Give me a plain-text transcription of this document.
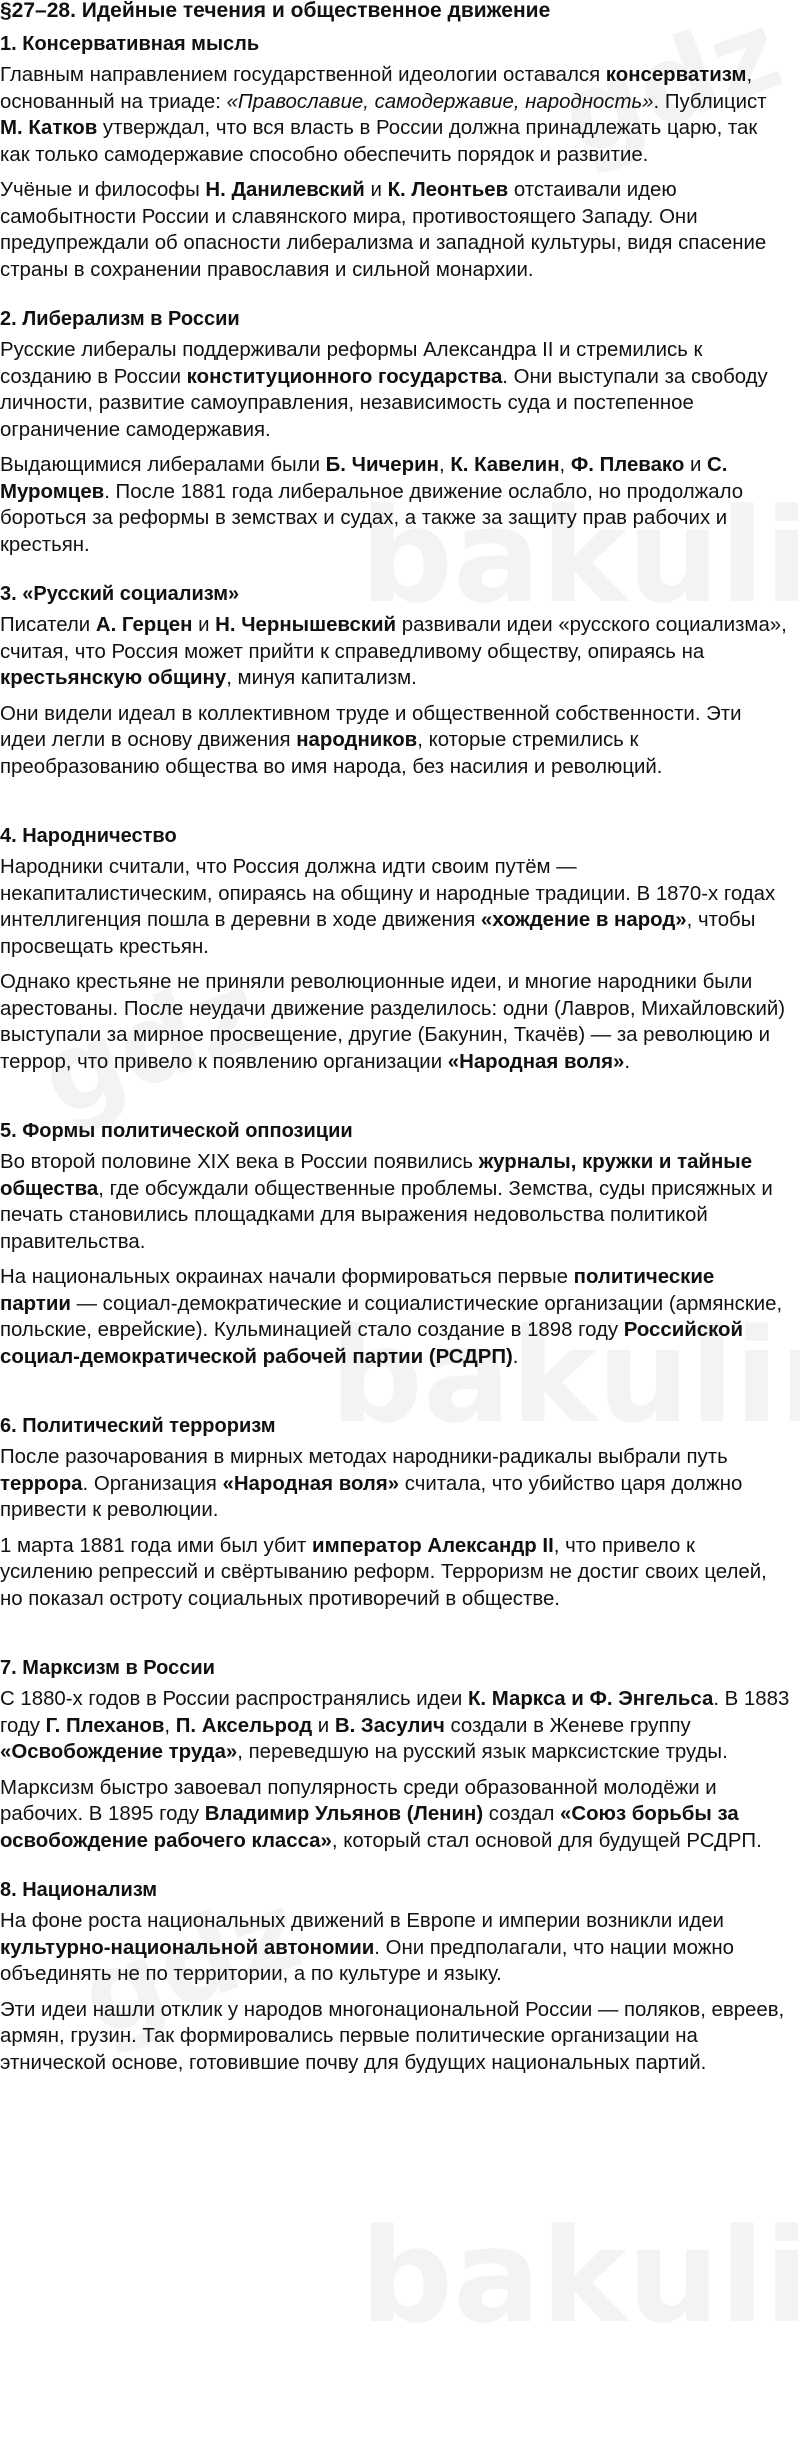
§27–28. Идейные течения и общественное движение
1. Консервативная мысль

Главным направлением государственной идеологии оставался консерватизм, основанный на триаде: «Православие, самодержавие, народность». Публицист М. Катков утверждал, что вся власть в России должна принадлежать царю, так как только самодержавие способно обеспечить порядок и развитие.

Учёные и философы Н. Данилевский и К. Леонтьев отстаивали идею самобытности России и славянского мира, противостоящего Западу. Они предупреждали об опасности либерализма и западной культуры, видя спасение страны в сохранении православия и сильной монархии.

2. Либерализм в России

Русские либералы поддерживали реформы Александра II и стремились к созданию в России конституционного государства. Они выступали за свободу личности, развитие самоуправления, независимость суда и постепенное ограничение самодержавия.

Выдающимися либералами были Б. Чичерин, К. Кавелин, Ф. Плевако и С. Муромцев. После 1881 года либеральное движение ослабло, но продолжало бороться за реформы в земствах и судах, а также за защиту прав рабочих и крестьян.

3. «Русский социализм»

Писатели А. Герцен и Н. Чернышевский развивали идеи «русского социализма», считая, что Россия может прийти к справедливому обществу, опираясь на крестьянскую общину, минуя капитализм.

Они видели идеал в коллективном труде и общественной собственности. Эти идеи легли в основу движения народников, которые стремились к преобразованию общества во имя народа, без насилия и революций.

4. Народничество

Народники считали, что Россия должна идти своим путём — некапиталистическим, опираясь на общину и народные традиции. В 1870-х годах интеллигенция пошла в деревни в ходе движения «хождение в народ», чтобы просвещать крестьян.

Однако крестьяне не приняли революционные идеи, и многие народники были арестованы. После неудачи движение разделилось: одни (Лавров, Михайловский) выступали за мирное просвещение, другие (Бакунин, Ткачёв) — за революцию и террор, что привело к появлению организации «Народная воля».

5. Формы политической оппозиции

Во второй половине XIX века в России появились журналы, кружки и тайные общества, где обсуждали общественные проблемы. Земства, суды присяжных и печать становились площадками для выражения недовольства политикой правительства.

На национальных окраинах начали формироваться первые политические партии — социал-демократические и социалистические организации (армянские, польские, еврейские). Кульминацией стало создание в 1898 году Российской социал-демократической рабочей партии (РСДРП).

6. Политический терроризм

После разочарования в мирных методах народники-радикалы выбрали путь террора. Организация «Народная воля» считала, что убийство царя должно привести к революции.

1 марта 1881 года ими был убит император Александр II, что привело к усилению репрессий и свёртыванию реформ. Терроризм не достиг своих целей, но показал остроту социальных противоречий в обществе.

7. Марксизм в России

С 1880-х годов в России распространялись идеи К. Маркса и Ф. Энгельса. В 1883 году Г. Плеханов, П. Аксельрод и В. Засулич создали в Женеве группу «Освобождение труда», переведшую на русский язык марксистские труды.

Марксизм быстро завоевал популярность среди образованной молодёжи и рабочих. В 1895 году Владимир Ульянов (Ленин) создал «Союз борьбы за освобождение рабочего класса», который стал основой для будущей РСДРП.

8. Национализм

На фоне роста национальных движений в Европе и империи возникли идеи культурно-национальной автономии. Они предполагали, что нации можно объединять не по территории, а по культуре и языку.

Эти идеи нашли отклик у народов многонациональной России — поляков, евреев, армян, грузин. Так формировались первые политические организации на этнической основе, готовившие почву для будущих национальных партий.
